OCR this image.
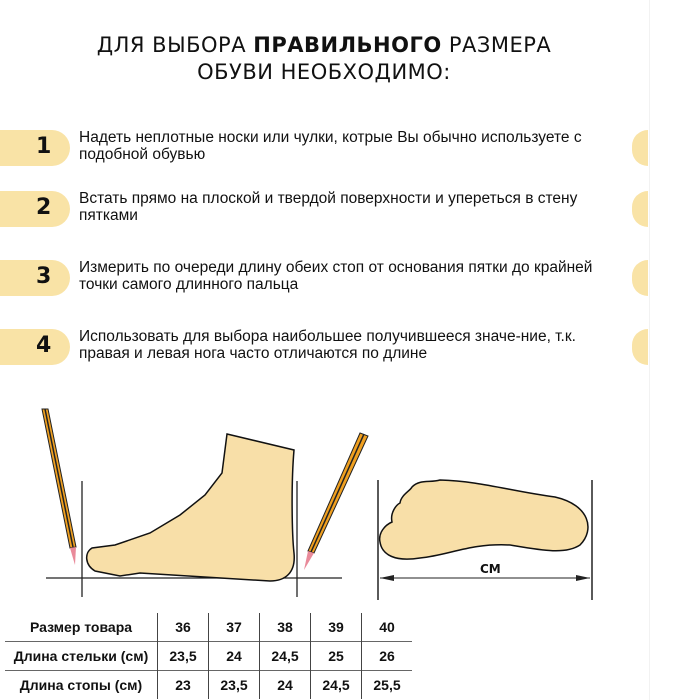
ДЛЯ ВЫБОРА ПРАВИЛЬНОГО РАЗМЕРА
ОБУВИ НЕОБХОДИМО:
1 Надеть неплотные носки или чулки, котрые Вы обычно используете с подобной обувью
2 Встать прямо на плоской и твердой поверхности и упереться в стену пятками
3 Измерить по очереди длину обеих стоп от основания пятки до крайней точки самого длинного пальца
4 Использовать для выбора наибольшее получившееся значе-ние, т.к. правая и левая нога часто отличаются по длине
СМ
Размер товара	36	37	38	39	40
Длина стельки (см)	23,5	24	24,5	25	26
Длина стопы (см)	23	23,5	24	24,5	25,5
